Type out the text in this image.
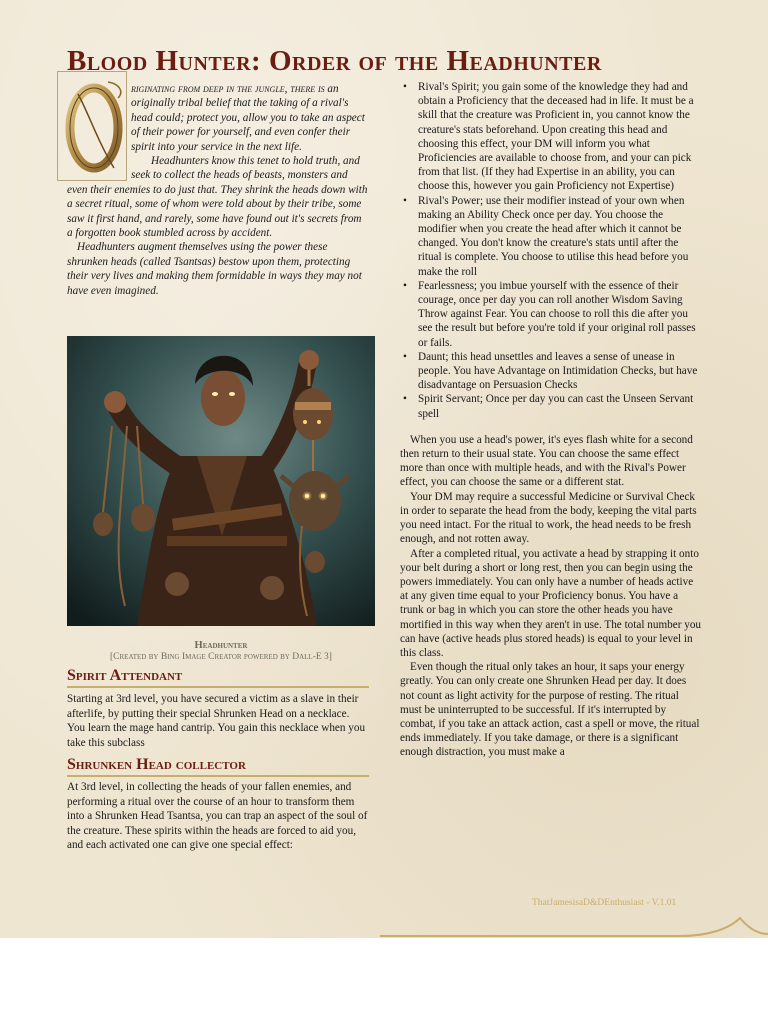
Blood Hunter: Order of the Headhunter

riginating from deep in the jungle, there is an originally tribal belief that the taking of a rival's head could; protect you, allow you to take an aspect of their power for yourself, and even confer their spirit into your service in the next life.

Headhunters know this tenet to hold truth, and seek to collect the heads of beasts, monsters and even their enemies to do just that. They shrink the heads down with a secret ritual, some of whom were told about by their tribe, some saw it first hand, and rarely, some have found out it's secrets from a forgotten book stumbled across by accident.

Headhunters augment themselves using the power these shrunken heads (called Tsantsas) bestow upon them, protecting their very lives and making them formidable in ways they may not have even imagined.

Headhunter
[Created by Bing Image Creator powered by Dall-E 3]
Spirit Attendant

Starting at 3rd level, you have secured a victim as a slave in their afterlife, by putting their special Shrunken Head on a necklace. You learn the mage hand cantrip. You gain this necklace when you take this subclass

Shrunken Head collector

At 3rd level, in collecting the heads of your fallen enemies, and performing a ritual over the course of an hour to transform them into a Shrunken Head Tsantsa, you can trap an aspect of the soul of the creature. These spirits within the heads are forced to aid you, and each activated one can give one special effect:

• Rival's Spirit; you gain some of the knowledge they had and obtain a Proficiency that the deceased had in life. It must be a skill that the creature was Proficient in, you cannot know the creature's stats beforehand. Upon creating this head and choosing this effect, your DM will inform you what Proficiencies are available to choose from, and your can pick from that list. (If they had Expertise in an ability, you can choose this, however you gain Proficiency not Expertise)
• Rival's Power; use their modifier instead of your own when making an Ability Check once per day. You choose the modifier when you create the head after which it cannot be changed. You don't know the creature's stats until after the ritual is complete. You choose to utilise this head before you make the roll
• Fearlessness; you imbue yourself with the essence of their courage, once per day you can roll another Wisdom Saving Throw against Fear. You can choose to roll this die after you see the result but before you're told if your original roll passes or fails.
• Daunt; this head unsettles and leaves a sense of unease in people. You have Advantage on Intimidation Checks, but have disadvantage on Persuasion Checks
• Spirit Servant; Once per day you can cast the Unseen Servant spell

When you use a head's power, it's eyes flash white for a second then return to their usual state. You can choose the same effect more than once with multiple heads, and with the Rival's Power effect, you can choose the same or a different stat.

Your DM may require a successful Medicine or Survival Check in order to separate the head from the body, keeping the vital parts you need intact. For the ritual to work, the head needs to be fresh enough, and not rotten away.

After a completed ritual, you activate a head by strapping it onto your belt during a short or long rest, then you can begin using the powers immediately. You can only have a number of heads active at any given time equal to your Proficiency bonus. You have a trunk or bag in which you can store the other heads you have mortified in this way when they aren't in use. The total number you can have (active heads plus stored heads) is equal to your level in this class.

Even though the ritual only takes an hour, it saps your energy greatly. You can only create one Shrunken Head per day. It does not count as light activity for the purpose of resting. The ritual must be uninterrupted to be successful. If it's interrupted by combat, if you take an attack action, cast a spell or move, the ritual ends immediately. If you take damage, or there is a significant enough distraction, you must make a

ThatJamesisaD&DEnthusiast - V.1.01
